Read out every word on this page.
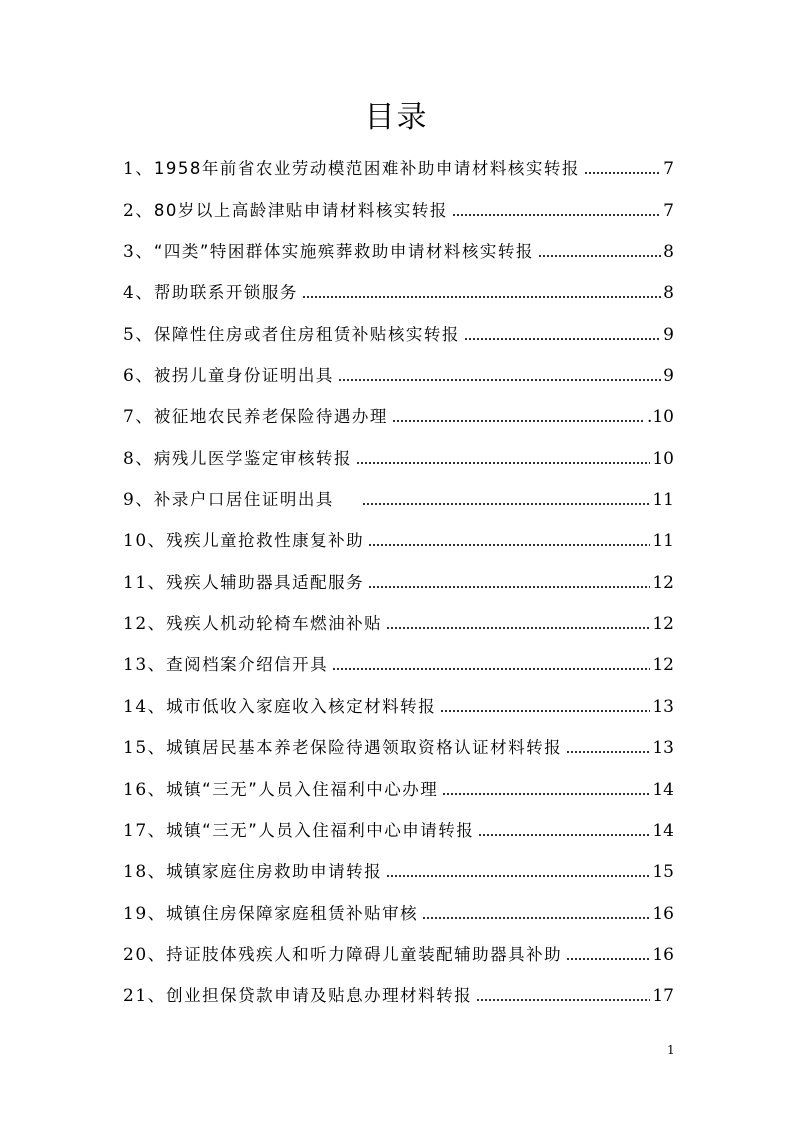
目录
1、 1958年前省农业劳动模范困难补助申请材料核实转报	7
2、 80岁以上高龄津贴申请材料核实转报	7
3、 “四类”特困群体实施殡葬救助申请材料核实转报	8
4、 帮助联系开锁服务	8
5、 保障性住房或者住房租赁补贴核实转报	9
6、 被拐儿童身份证明出具	9
7、 被征地农民养老保险待遇办理	.10
8、 病残儿医学鉴定审核转报	10
9、 补录户口居住证明出具	11
10、 残疾儿童抢救性康复补助	11
11、 残疾人辅助器具适配服务	12
12、 残疾人机动轮椅车燃油补贴	12
13、 查阅档案介绍信开具	12
14、 城市低收入家庭收入核定材料转报	13
15、 城镇居民基本养老保险待遇领取资格认证材料转报	13
16、 城镇“三无”人员入住福利中心办理	14
17、 城镇“三无”人员入住福利中心申请转报	14
18、 城镇家庭住房救助申请转报	15
19、 城镇住房保障家庭租赁补贴审核	16
20、 持证肢体残疾人和听力障碍儿童装配辅助器具补助	16
21、 创业担保贷款申请及贴息办理材料转报	17
1
